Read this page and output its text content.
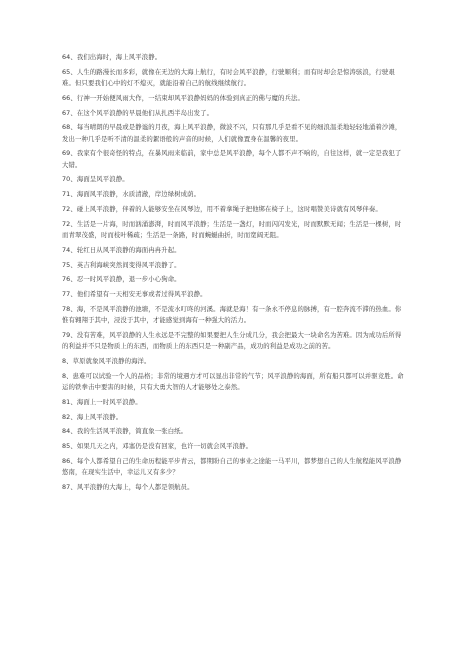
64、我们出海时，海上风平浪静。

65、人生的路漫长而多彩，就像在无边的大海上航行，有时会风平浪静，行驶顺利；而有时却会是惊涛骇浪，行驶艰难。但只要我们心中的灯不熄灭，就能沿着自己的航线继续航行。

66、行神一开始便风雨大作，一结束却风平浪静妈妈的体验到真正的佛与魔的兵法。

67、在这个风平浪静的早晨他们从扎西半岛出发了。

68、每当晴朗的早晨或是静谧的月夜，海上风平浪静，微波不兴，只有那几乎是看不见的细浪温柔地轻轻地涌着沙滩，发出一种几乎是听不清的温柔的絮语般的声音的时候，人们就像置身在温馨的夜里。

69、我家有个很奇怪的特点，在暴风雨来临前，家中总是风平浪静，每个人都不声不响的，自往这样，就一定是我犯了大错。

70、海面呈风平浪静。

71、海面风平浪静，水质清澈，岸边绿树成荫。

72、碰上风平浪静，伴着的人能够安坐在风琴边，用不着拿绳子把他绑在椅子上，这时唱赞美诗就有风琴伴奏。

72、生活是一片海，时而汹涌澎湃，时而风平浪静；生活是一盏灯，时而闪闪发光，时而默默无闻；生活是一棵树，时而青翠茂盛，时而枝叶稀疏；生活是一条路，时而蜿蜒曲折，时而宽阔无阻。

74、轮红日从风平浪静的海面冉冉升起。

75、英吉利海峡突然间变得风平浪静了。

76、忍一时风平浪静，退一步小心狗命。

77、他们希望有一天相安无事或者过得风平浪静。

78、海，不是风平浪静的池塘，不是流水叮咚的河溪。海就是海！有一条永不停息的脉搏，有一腔奔流不滞的热血。你惟有翱翔于其中，浸没于其中，才能感觉到海有一种强大的活力。

79、没有苦难，风平浪静的人生永远是不完整的如果要把人生分成几分，我会把最大一块命名为苦难。因为成功后所得的利益并不只是物质上的东西，而物质上的东西只是一种副产品，成功的利益是成功之前的苦。

8、草原就象风平浪静的海洋。

8、患难可以试验一个人的品格；非常的境遇方才可以显出非常的气节；风平浪静的海面，所有船只都可以并驱竞胜。命运的铁拳击中要害的时候，只有大勇大智的人才能够处之泰然。

81、海面上一时风平浪静。

82、海上风平浪静。

84、我的生活风平浪静，简直象一张白纸。

85、如果几天之内，邓塞仍是没有回家，也许一切就会风平浪静。

86、每个人都希望自己的生命历程能平步青云，都期盼自己的事业之途能一马平川，都梦想自己的人生航程能风平浪静悠南，在现实生活中，幸运儿又有多少？

87、风平浪静的大海上，每个人都是领航员。
